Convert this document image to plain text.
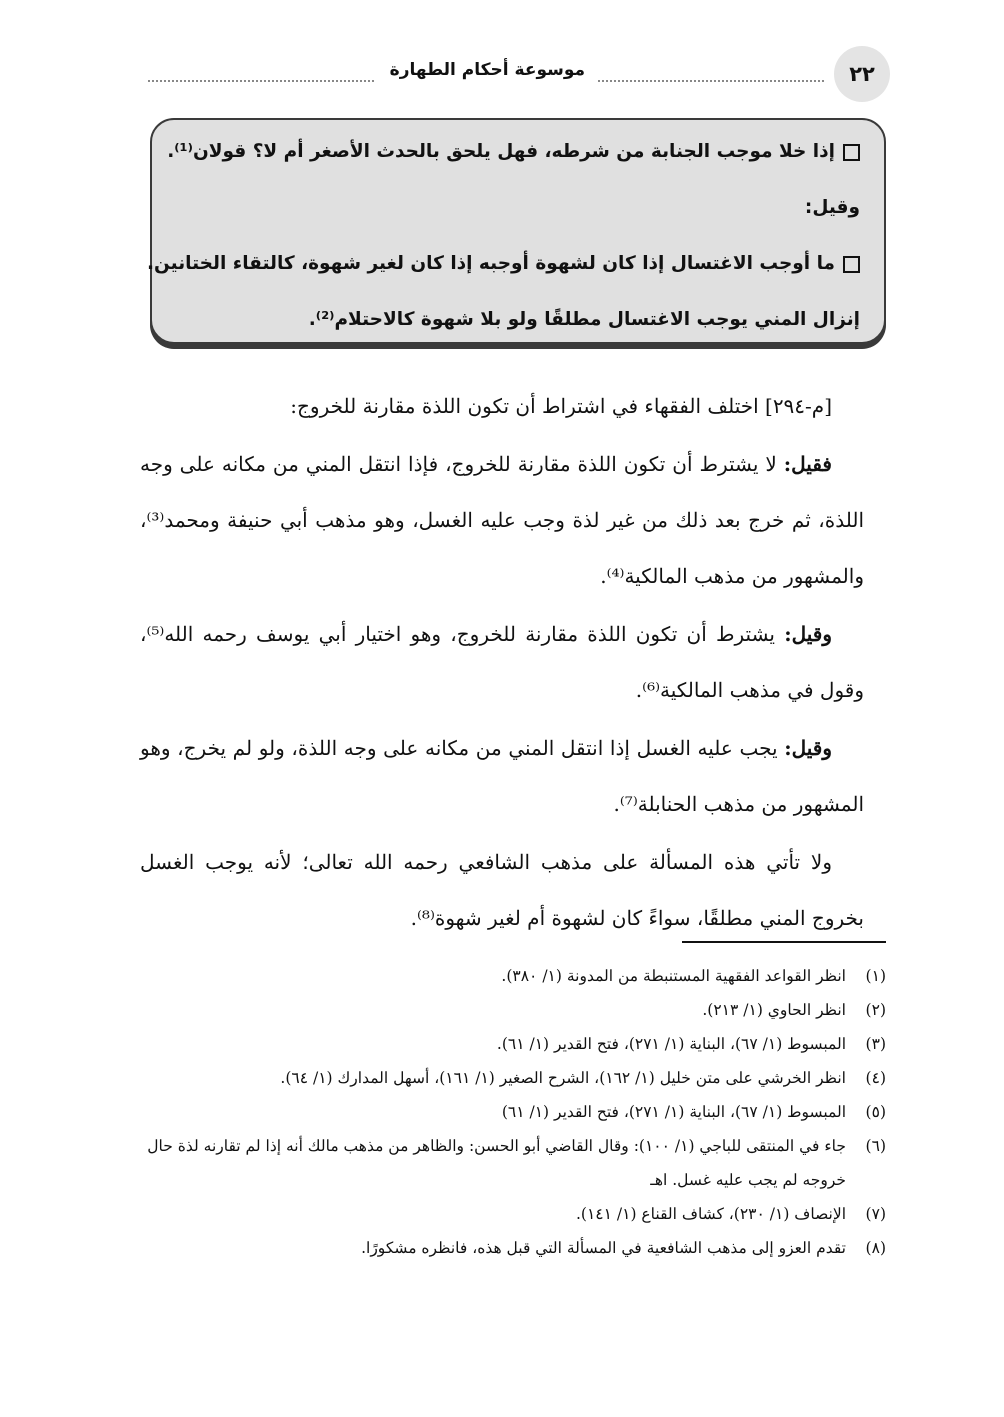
٢٢
موسوعة أحكام الطهارة
إذا خلا موجب الجنابة من شرطه، فهل يلحق بالحدث الأصغر أم لا؟ قولان⁽¹⁾.
وقيل:
ما أوجب الاغتسال إذا كان لشهوة أوجبه إذا كان لغير شهوة، كالتقاء الختانين.
إنزال المني يوجب الاغتسال مطلقًا ولو بلا شهوة كالاحتلام⁽²⁾.

[م-٢٩٤] اختلف الفقهاء في اشتراط أن تكون اللذة مقارنة للخروج:

فقيل: لا يشترط أن تكون اللذة مقارنة للخروج، فإذا انتقل المني من مكانه على وجه اللذة، ثم خرج بعد ذلك من غير لذة وجب عليه الغسل، وهو مذهب أبي حنيفة ومحمد⁽³⁾، والمشهور من مذهب المالكية⁽⁴⁾.

وقيل: يشترط أن تكون اللذة مقارنة للخروج، وهو اختيار أبي يوسف رحمه الله⁽⁵⁾، وقول في مذهب المالكية⁽⁶⁾.

وقيل: يجب عليه الغسل إذا انتقل المني من مكانه على وجه اللذة، ولو لم يخرج، وهو المشهور من مذهب الحنابلة⁽⁷⁾.

ولا تأتي هذه المسألة على مذهب الشافعي رحمه الله تعالى؛ لأنه يوجب الغسل بخروج المني مطلقًا، سواءً كان لشهوة أم لغير شهوة⁽⁸⁾.

(١)
انظر القواعد الفقهية المستنبطة من المدونة (١/ ٣٨٠).
(٢)
انظر الحاوي (١/ ٢١٣).
(٣)
المبسوط (١/ ٦٧)، البناية (١/ ٢٧١)، فتح القدير (١/ ٦١).
(٤)
انظر الخرشي على متن خليل (١/ ١٦٢)، الشرح الصغير (١/ ١٦١)، أسهل المدارك (١/ ٦٤).
(٥)
المبسوط (١/ ٦٧)، البناية (١/ ٢٧١)، فتح القدير (١/ ٦١)
(٦)
جاء في المنتقى للباجي (١/ ١٠٠): وقال القاضي أبو الحسن: والظاهر من مذهب مالك أنه إذا لم تقارنه لذة حال خروجه لم يجب عليه غسل. اهـ
(٧)
الإنصاف (١/ ٢٣٠)، كشاف القناع (١/ ١٤١).
(٨)
تقدم العزو إلى مذهب الشافعية في المسألة التي قبل هذه، فانظره مشكورًا.
